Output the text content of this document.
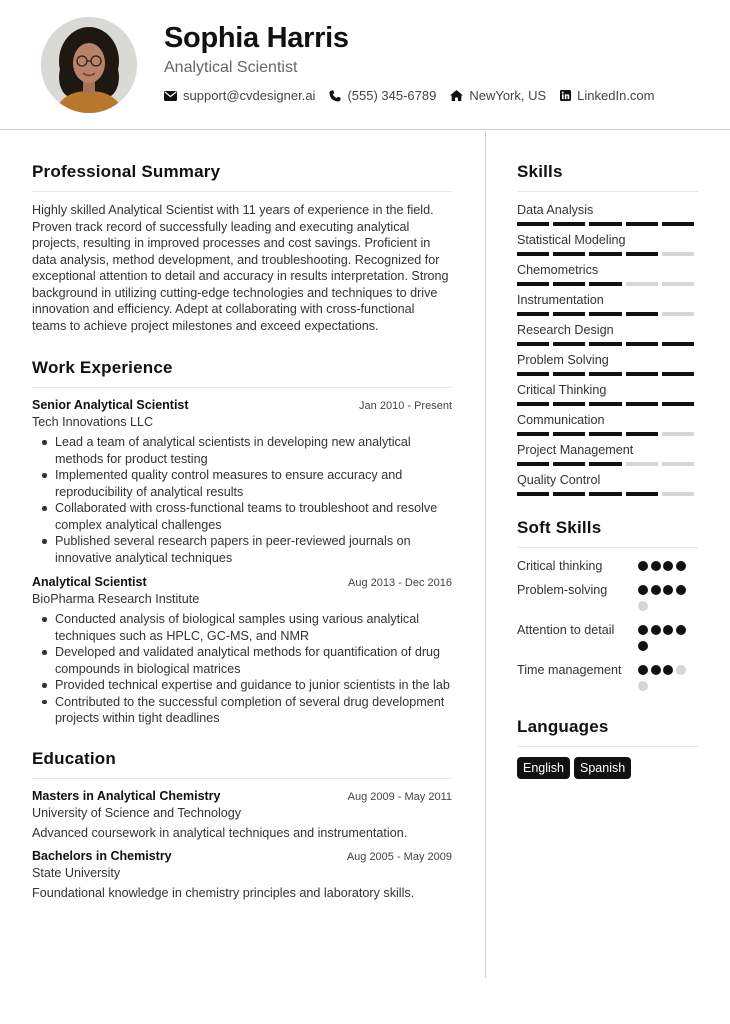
Sophia Harris
Analytical Scientist
support@cvdesigner.ai (555) 345-6789	NewYork, US LinkedIn.com
Professional Summary

Highly skilled Analytical Scientist with 11 years of experience in the field. Proven track record of successfully leading and executing analytical projects, resulting in improved processes and cost savings. Proficient in data analysis, method development, and troubleshooting. Recognized for exceptional attention to detail and accuracy in results interpretation. Strong background in utilizing cutting-edge technologies and techniques to drive innovation and efficiency. Adept at collaborating with cross-functional teams to achieve project milestones and exceed expectations.

Work Experience
Senior Analytical Scientist	Jan 2010 - Present
Tech Innovations LLC
Lead a team of analytical scientists in developing new analytical methods for product testing
Implemented quality control measures to ensure accuracy and reproducibility of analytical results
Collaborated with cross-functional teams to troubleshoot and resolve complex analytical challenges
Published several research papers in peer-reviewed journals on innovative analytical techniques
Analytical Scientist	Aug 2013 - Dec 2016
BioPharma Research Institute
Conducted analysis of biological samples using various analytical techniques such as HPLC, GC-MS, and NMR
Developed and validated analytical methods for quantification of drug compounds in biological matrices
Provided technical expertise and guidance to junior scientists in the lab
Contributed to the successful completion of several drug development projects within tight deadlines
Education
Masters in Analytical Chemistry	Aug 2009 - May 2011
University of Science and Technology
Advanced coursework in analytical techniques and instrumentation.
Bachelors in Chemistry	Aug 2005 - May 2009
State University
Foundational knowledge in chemistry principles and laboratory skills.
Skills
Data Analysis
Statistical Modeling
Chemometrics
Instrumentation
Research Design
Problem Solving
Critical Thinking
Communication
Project Management
Quality Control
Soft Skills
Critical thinking
Problem-solving
Attention to detail
Time management
Languages
English	Spanish
